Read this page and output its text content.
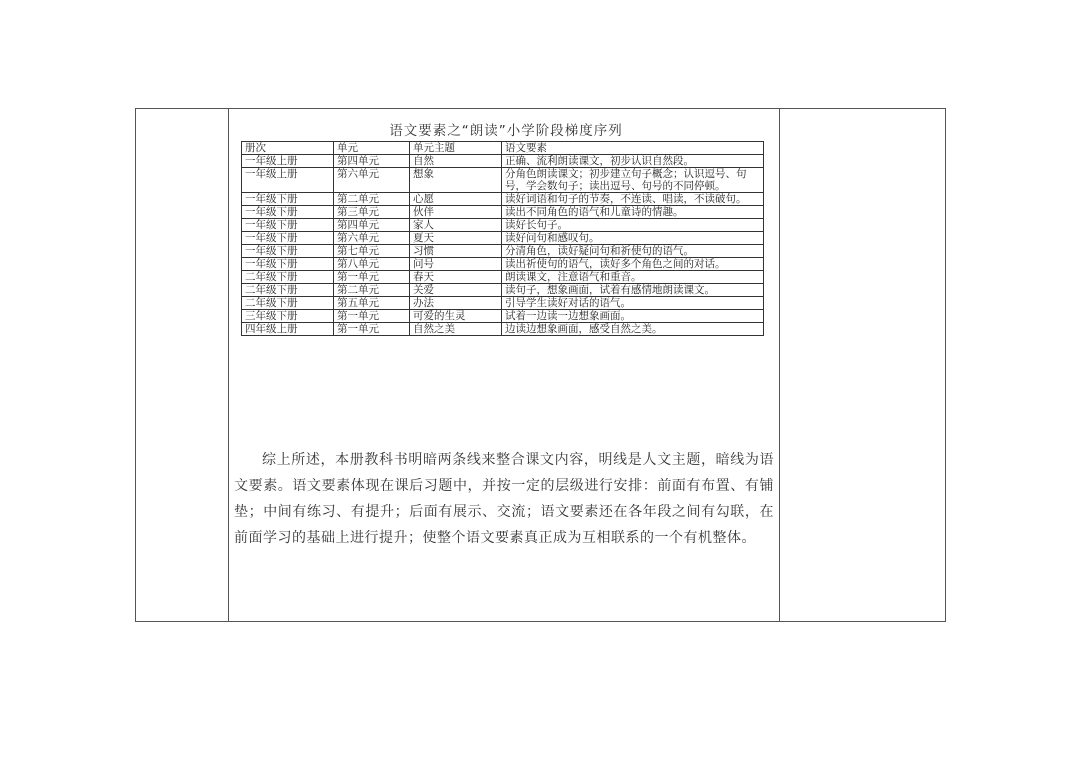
语文要素之“朗读”小学阶段梯度序列
册次	单元	单元主题	语文要素
一年级上册	第四单元	自然	正确、流利朗读课文，初步认识自然段。
一年级上册	第六单元	想象	分角色朗读课文；初步建立句子概念；认识逗号、句号，学会数句子；读出逗号、句号的不同停顿。
一年级下册	第二单元	心愿	读好词语和句子的节奏，不连读、唱读，不读破句。
一年级下册	第三单元	伙伴	读出不同角色的语气和儿童诗的情趣。
一年级下册	第四单元	家人	读好长句子。
一年级下册	第六单元	夏天	读好问句和感叹句。
一年级下册	第七单元	习惯	分清角色，读好疑问句和祈使句的语气。
一年级下册	第八单元	问号	读出祈使句的语气，读好多个角色之间的对话。
二年级下册	第一单元	春天	朗读课文，注意语气和重音。
二年级下册	第二单元	关爱	读句子，想象画面，试着有感情地朗读课文。
二年级下册	第五单元	办法	引导学生读好对话的语气。
三年级下册	第一单元	可爱的生灵	试着一边读一边想象画面。
四年级上册	第一单元	自然之美	边读边想象画面，感受自然之美。
综上所述，本册教科书明暗两条线来整合课文内容，明线是人文主题，暗线为语文要素。语文要素体现在课后习题中，并按一定的层级进行安排：前面有布置、有铺垫；中间有练习、有提升；后面有展示、交流；语文要素还在各年段之间有勾联，在前面学习的基础上进行提升；使整个语文要素真正成为互相联系的一个有机整体。
